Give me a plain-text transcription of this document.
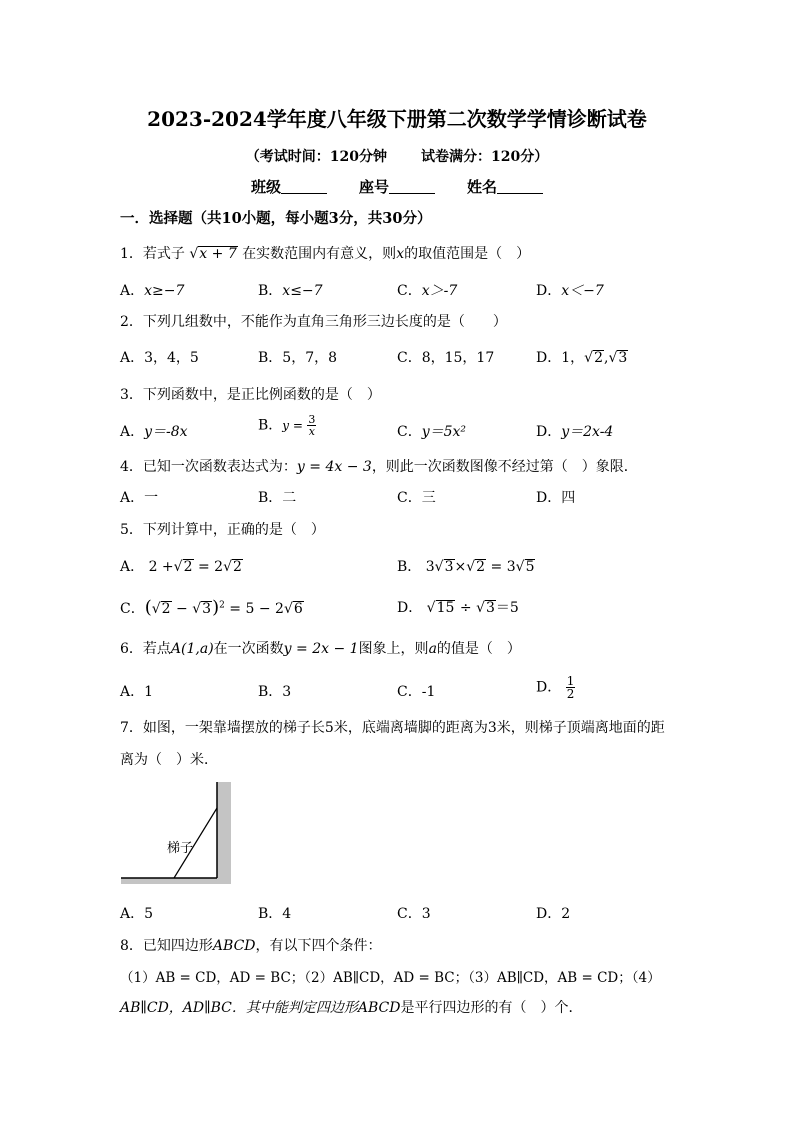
2023-2024学年度八年级下册第二次数学学情诊断试卷
（考试时间：120分钟 试卷满分：120分）
班级	座号	姓名
一．选择题（共10小题，每小题3分，共30分）
1．若式子 √x + 7 在实数范围内有意义，则x的取值范围是（　）
A．x≥−7	B．x≤−7	C．x＞-7	D．x＜−7
2．下列几组数中，不能作为直角三角形三边长度的是（　　）
A．3，4，5	B．5，7，8	C．8，15，17	D．1，√2,√3
3．下列函数中，是正比例函数的是（　）
A．y＝-8x	B．$y = \frac{3}{x}$	C．y＝5x²	D．y＝2x-4
4．已知一次函数表达式为：y = 4x − 3，则此一次函数图像不经过第（　）象限．
A．一	B．二	C．三	D．四
5．下列计算中，正确的是（　）
A． 2 +√2 = 2√2	B． 3√3×√2 = 3√5
C．$(√2 - √3)^2 = 5 - 2√6$	D． √15 ÷ √3＝5
6．若点A(1,a)在一次函数y = 2x − 1图象上，则a的值是（　）
A．1	B．3	C．-1	D． $\frac{1}{2}$
7．如图，一架靠墙摆放的梯子长5米，底端离墙脚的距离为3米，则梯子顶端离地面的距
离为（　）米．
梯子
A．5	B．4	C．3	D．2
8．已知四边形ABCD，有以下四个条件：
（1）AB = CD，AD = BC；（2）AB∥CD，AD = BC；（3）AB∥CD，AB = CD；（4）
AB∥CD，AD∥BC．其中能判定四边形ABCD是平行四边形的有（　）个．
